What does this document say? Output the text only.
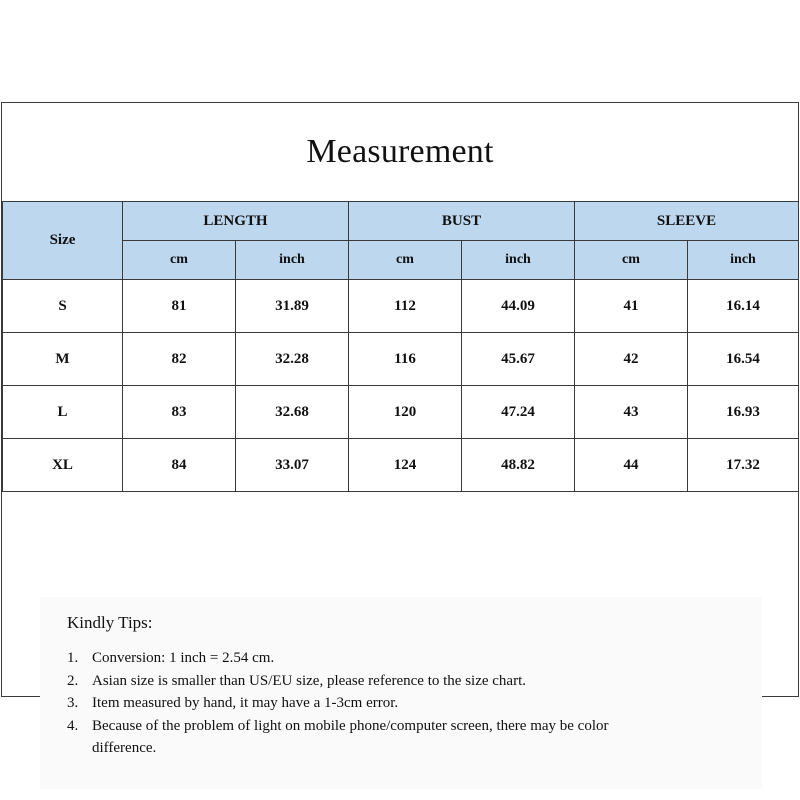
Measurement
Size	LENGTH		BUST		SLEEVE	
	cm	inch	cm	inch	cm	inch
S	81	31.89	112	44.09	41	16.14
M	82	32.28	116	45.67	42	16.54
L	83	32.68	120	47.24	43	16.93
XL	84	33.07	124	48.82	44	17.32
Kindly Tips:
1. Conversion: 1 inch = 2.54 cm.
2. Asian size is smaller than US/EU size, please reference to the size chart.
3. Item measured by hand, it may have a 1-3cm error.
4. Because of the problem of light on mobile phone/computer screen, there may be color difference.
